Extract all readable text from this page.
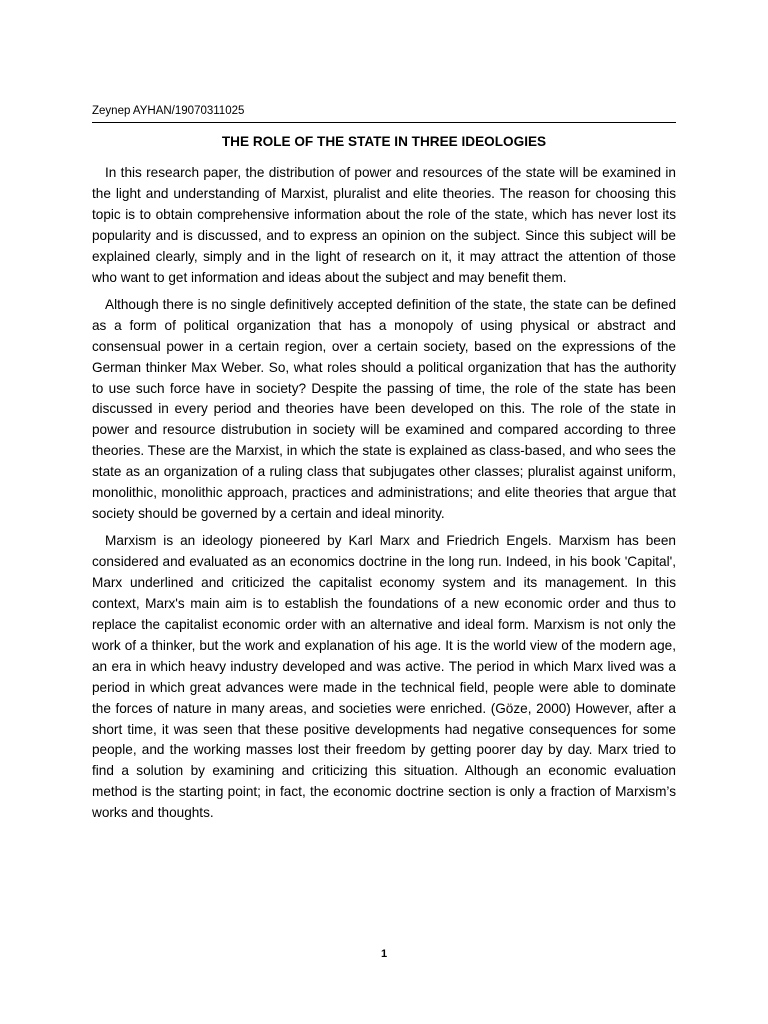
Zeynep AYHAN/19070311025
THE ROLE OF THE STATE IN THREE IDEOLOGIES

In this research paper, the distribution of power and resources of the state will be examined in the light and understanding of Marxist, pluralist and elite theories. The reason for choosing this topic is to obtain comprehensive information about the role of the state, which has never lost its popularity and is discussed, and to express an opinion on the subject. Since this subject will be explained clearly, simply and in the light of research on it, it may attract the attention of those who want to get information and ideas about the subject and may benefit them.

Although there is no single definitively accepted definition of the state, the state can be defined as a form of political organization that has a monopoly of using physical or abstract and consensual power in a certain region, over a certain society, based on the expressions of the German thinker Max Weber. So, what roles should a political organization that has the authority to use such force have in society? Despite the passing of time, the role of the state has been discussed in every period and theories have been developed on this. The role of the state in power and resource distrubution in society will be examined and compared according to three theories. These are the Marxist, in which the state is explained as class-based, and who sees the state as an organization of a ruling class that subjugates other classes; pluralist against uniform, monolithic, monolithic approach, practices and administrations; and elite theories that argue that society should be governed by a certain and ideal minority.

Marxism is an ideology pioneered by Karl Marx and Friedrich Engels. Marxism has been considered and evaluated as an economics doctrine in the long run. Indeed, in his book 'Capital', Marx underlined and criticized the capitalist economy system and its management. In this context, Marx's main aim is to establish the foundations of a new economic order and thus to replace the capitalist economic order with an alternative and ideal form. Marxism is not only the work of a thinker, but the work and explanation of his age. It is the world view of the modern age, an era in which heavy industry developed and was active. The period in which Marx lived was a period in which great advances were made in the technical field, people were able to dominate the forces of nature in many areas, and societies were enriched. (Göze, 2000) However, after a short time, it was seen that these positive developments had negative consequences for some people, and the working masses lost their freedom by getting poorer day by day. Marx tried to find a solution by examining and criticizing this situation. Although an economic evaluation method is the starting point; in fact, the economic doctrine section is only a fraction of Marxism’s works and thoughts.

1
